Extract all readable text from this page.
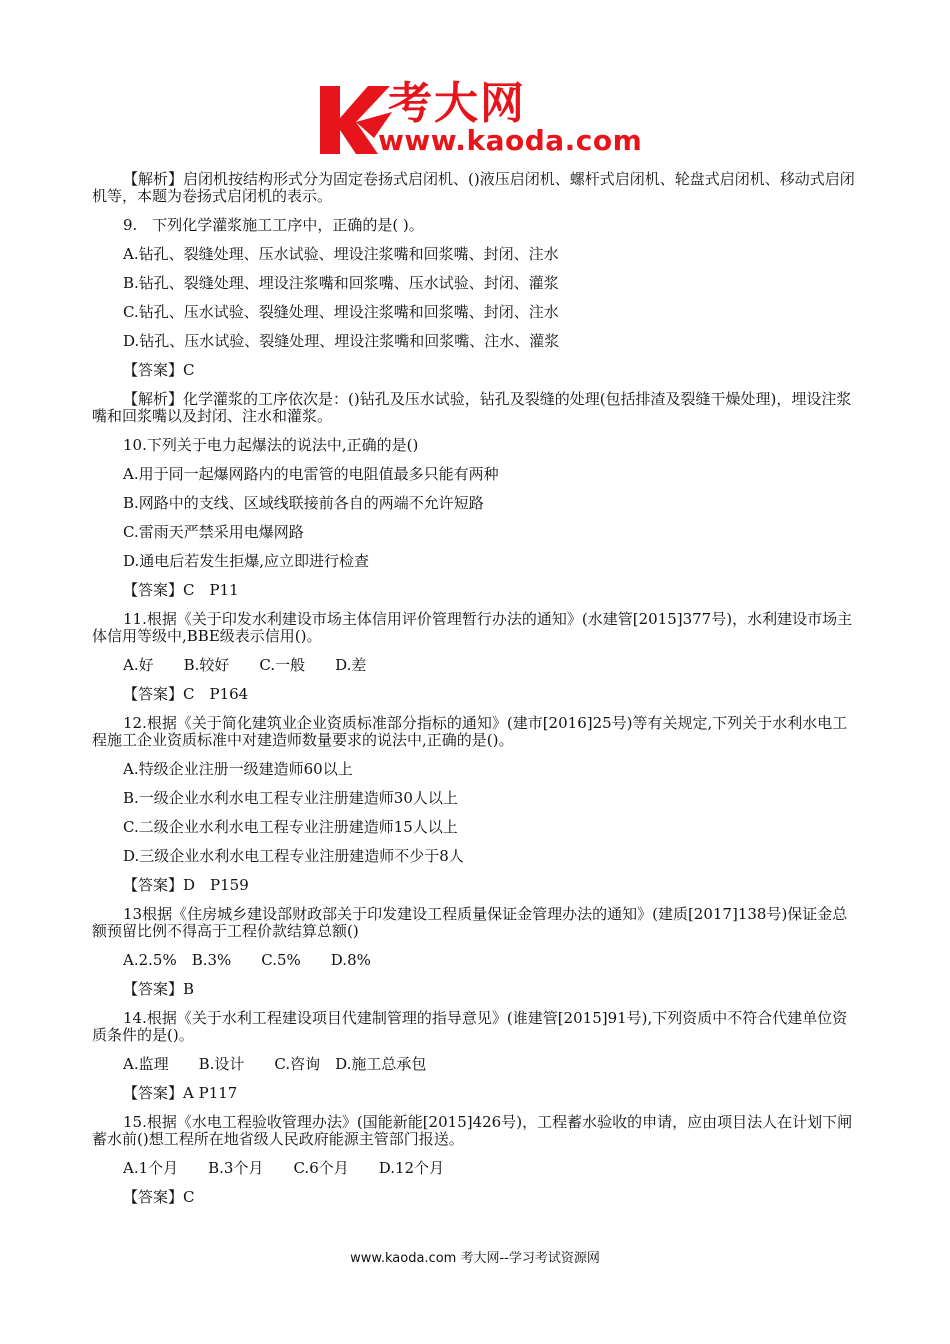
考大网
www.kaoda.com

【解析】启闭机按结构形式分为固定卷扬式启闭机、()液压启闭机、螺杆式启闭机、轮盘式启闭机、移动式启闭机等，本题为卷扬式启闭机的表示。

9.　下列化学灌浆施工工序中，正确的是( )。

A.钻孔、裂缝处理、压水试验、埋设注浆嘴和回浆嘴、封闭、注水

B.钻孔、裂缝处理、埋设注浆嘴和回浆嘴、压水试验、封闭、灌浆

C.钻孔、压水试验、裂缝处理、埋设注浆嘴和回浆嘴、封闭、注水

D.钻孔、压水试验、裂缝处理、埋设注浆嘴和回浆嘴、注水、灌浆

【答案】C

【解析】化学灌浆的工序依次是：()钻孔及压水试验，钻孔及裂缝的处理(包括排渣及裂缝干燥处理)，埋设注浆嘴和回浆嘴以及封闭、注水和灌浆。

10.下列关于电力起爆法的说法中,正确的是()

A.用于同一起爆网路内的电雷管的电阻值最多只能有两种

B.网路中的支线、区域线联接前各自的两端不允许短路

C.雷雨天严禁采用电爆网路

D.通电后若发生拒爆,应立即进行检查

【答案】C　P11

11.根据《关于印发水利建设市场主体信用评价管理暂行办法的通知》(水建管[2015]377号)，水利建设市场主体信用等级中,BBE级表示信用()。

A.好　　B.较好　　C.一般　　D.差

【答案】C　P164

12.根据《关于简化建筑业企业资质标准部分指标的通知》(建市[2016]25号)等有关规定,下列关于水利水电工程施工企业资质标准中对建造师数量要求的说法中,正确的是()。

A.特级企业注册一级建造师60以上

B.一级企业水利水电工程专业注册建造师30人以上

C.二级企业水利水电工程专业注册建造师15人以上

D.三级企业水利水电工程专业注册建造师不少于8人

【答案】D　P159

13根据《住房城乡建设部财政部关于印发建设工程质量保证金管理办法的通知》(建质[2017]138号)保证金总额预留比例不得高于工程价款结算总额()

A.2.5%　B.3%　　C.5%　　D.8%

【答案】B

14.根据《关于水利工程建设项目代建制管理的指导意见》(谁建管[2015]91号),下列资质中不符合代建单位资质条件的是()。

A.监理　　B.设计　　C.咨询　D.施工总承包

【答案】A P117

15.根据《水电工程验收管理办法》(国能新能[2015]426号)，工程蓄水验收的申请，应由项目法人在计划下闸蓄水前()想工程所在地省级人民政府能源主管部门报送。

A.1个月　　B.3个月　　C.6个月　　D.12个月

【答案】C

www.kaoda.com 考大网--学习考试资源网
